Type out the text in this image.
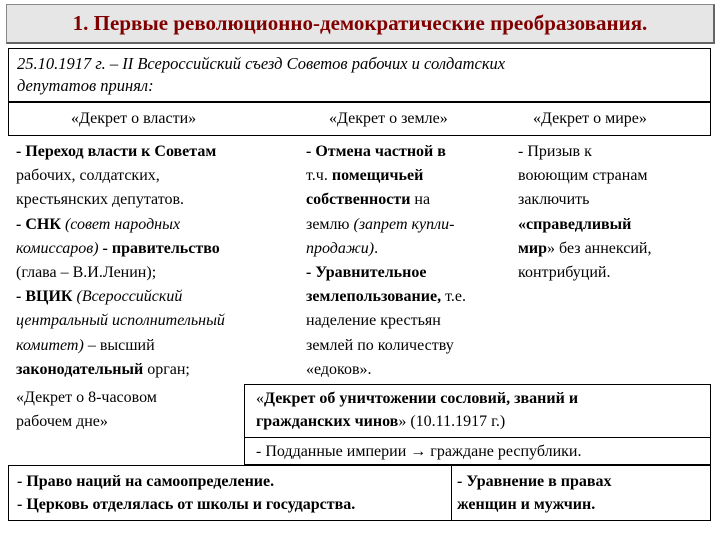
1. Первые революционно-демократические преобразования.
25.10.1917 г. – II Всероссийский съезд Советов рабочих и солдатских
депутатов принял:
«Декрет о власти»	«Декрет о земле»	«Декрет о мире»
- Переход власти к Советам
рабочих, солдатских,
крестьянских депутатов.
- СНК (совет народных
комиссаров) - правительство
(глава – В.И.Ленин);
- ВЦИК (Всероссийский
центральный исполнительный
комитет) – высший
законодательный орган;
- Отмена частной в
т.ч. помещичьей
собственности на
землю (запрет купли-
продажи).
- Уравнительное
землепользование, т.е.
наделение крестьян
землей по количеству
«едоков».
- Призыв к
воюющим странам
заключить
«справедливый
мир» без аннексий,
контрибуций.
«Декрет о 8-часовом
рабочем дне»
«Декрет об уничтожении сословий, званий и
гражданских чинов» (10.11.1917 г.)
- Подданные империи → граждане республики.
- Право наций на самоопределение.
- Церковь отделялась от школы и государства.
- Уравнение в правах
женщин и мужчин.
